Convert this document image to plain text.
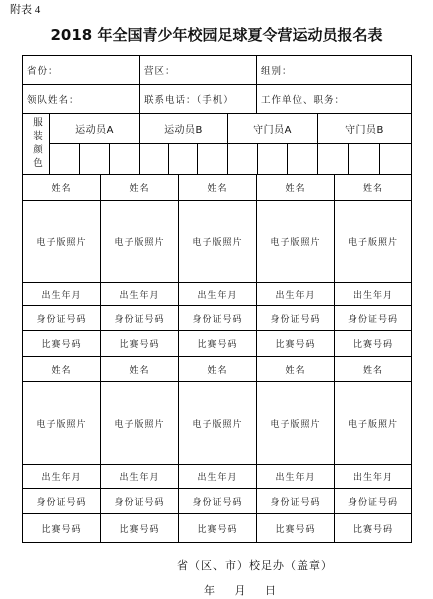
附表 4
2018 年全国青少年校园足球夏令营运动员报名表
省份：	营区：	组别：
领队姓名：	联系电话：（手机）	工作单位、职务：
服装颜色	运动员A	运动员B	守门员A	守门员B
姓名	姓名	姓名	姓名	姓名
电子版照片	电子版照片	电子版照片	电子版照片	电子版照片
出生年月	出生年月	出生年月	出生年月	出生年月
身份证号码	身份证号码	身份证号码	身份证号码	身份证号码
比赛号码	比赛号码	比赛号码	比赛号码	比赛号码
姓名	姓名	姓名	姓名	姓名
电子版照片	电子版照片	电子版照片	电子版照片	电子版照片
出生年月	出生年月	出生年月	出生年月	出生年月
身份证号码	身份证号码	身份证号码	身份证号码	身份证号码
比赛号码	比赛号码	比赛号码	比赛号码	比赛号码
省（区、市）校足办（盖章）
年 月 日
